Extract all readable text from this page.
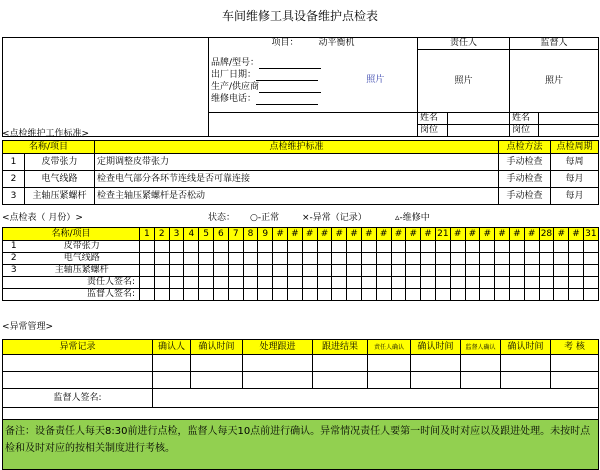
车间维修工具设备维护点检表
	项目： 动平衡机		责任人		监督人	

	品牌/型号：
出厂日期：
生产/供应商
维修电话：	照片	照片		照片	
			姓名		姓名	
			岗位		岗位	
<点检维护工作标准>
名称/项目		点检维护标准	点检方法	点检周期
1	皮带张力	定期调整皮带张力	手动检查	每周
2	电气线路	检查电气部分各环节连线是否可靠连接	手动检查	每月
3	主轴压紧螺杆	检查主轴压紧螺杆是否松动	手动检查	每月
<点检表（ 月份）>	状态： ○-正常	×-异常（记录）	▵-维修中
名称/项目		1	2	3	4	5	6	7	8	9	#	#	#	#	#	#	#	#	#	#	#	21	#	#	#	#	#	#	28	#	#	31
1	皮带张力																															
2	电气线路																															
3	主轴压紧螺杆																															
责任人签名:																																
监督人签名:																																
<异常管理>
异常记录	确认人	确认时间	处理跟进	跟进结果	责任人确认	确认时间	监督人确认	确认时间	考 核

监督人签名:									

备注：设备责任人每天8:30前进行点检，监督人每天10点前进行确认。异常情况责任人要第一时间及时对应以及跟进处理。未按时点检和及时对应的按相关制度进行考核。									
